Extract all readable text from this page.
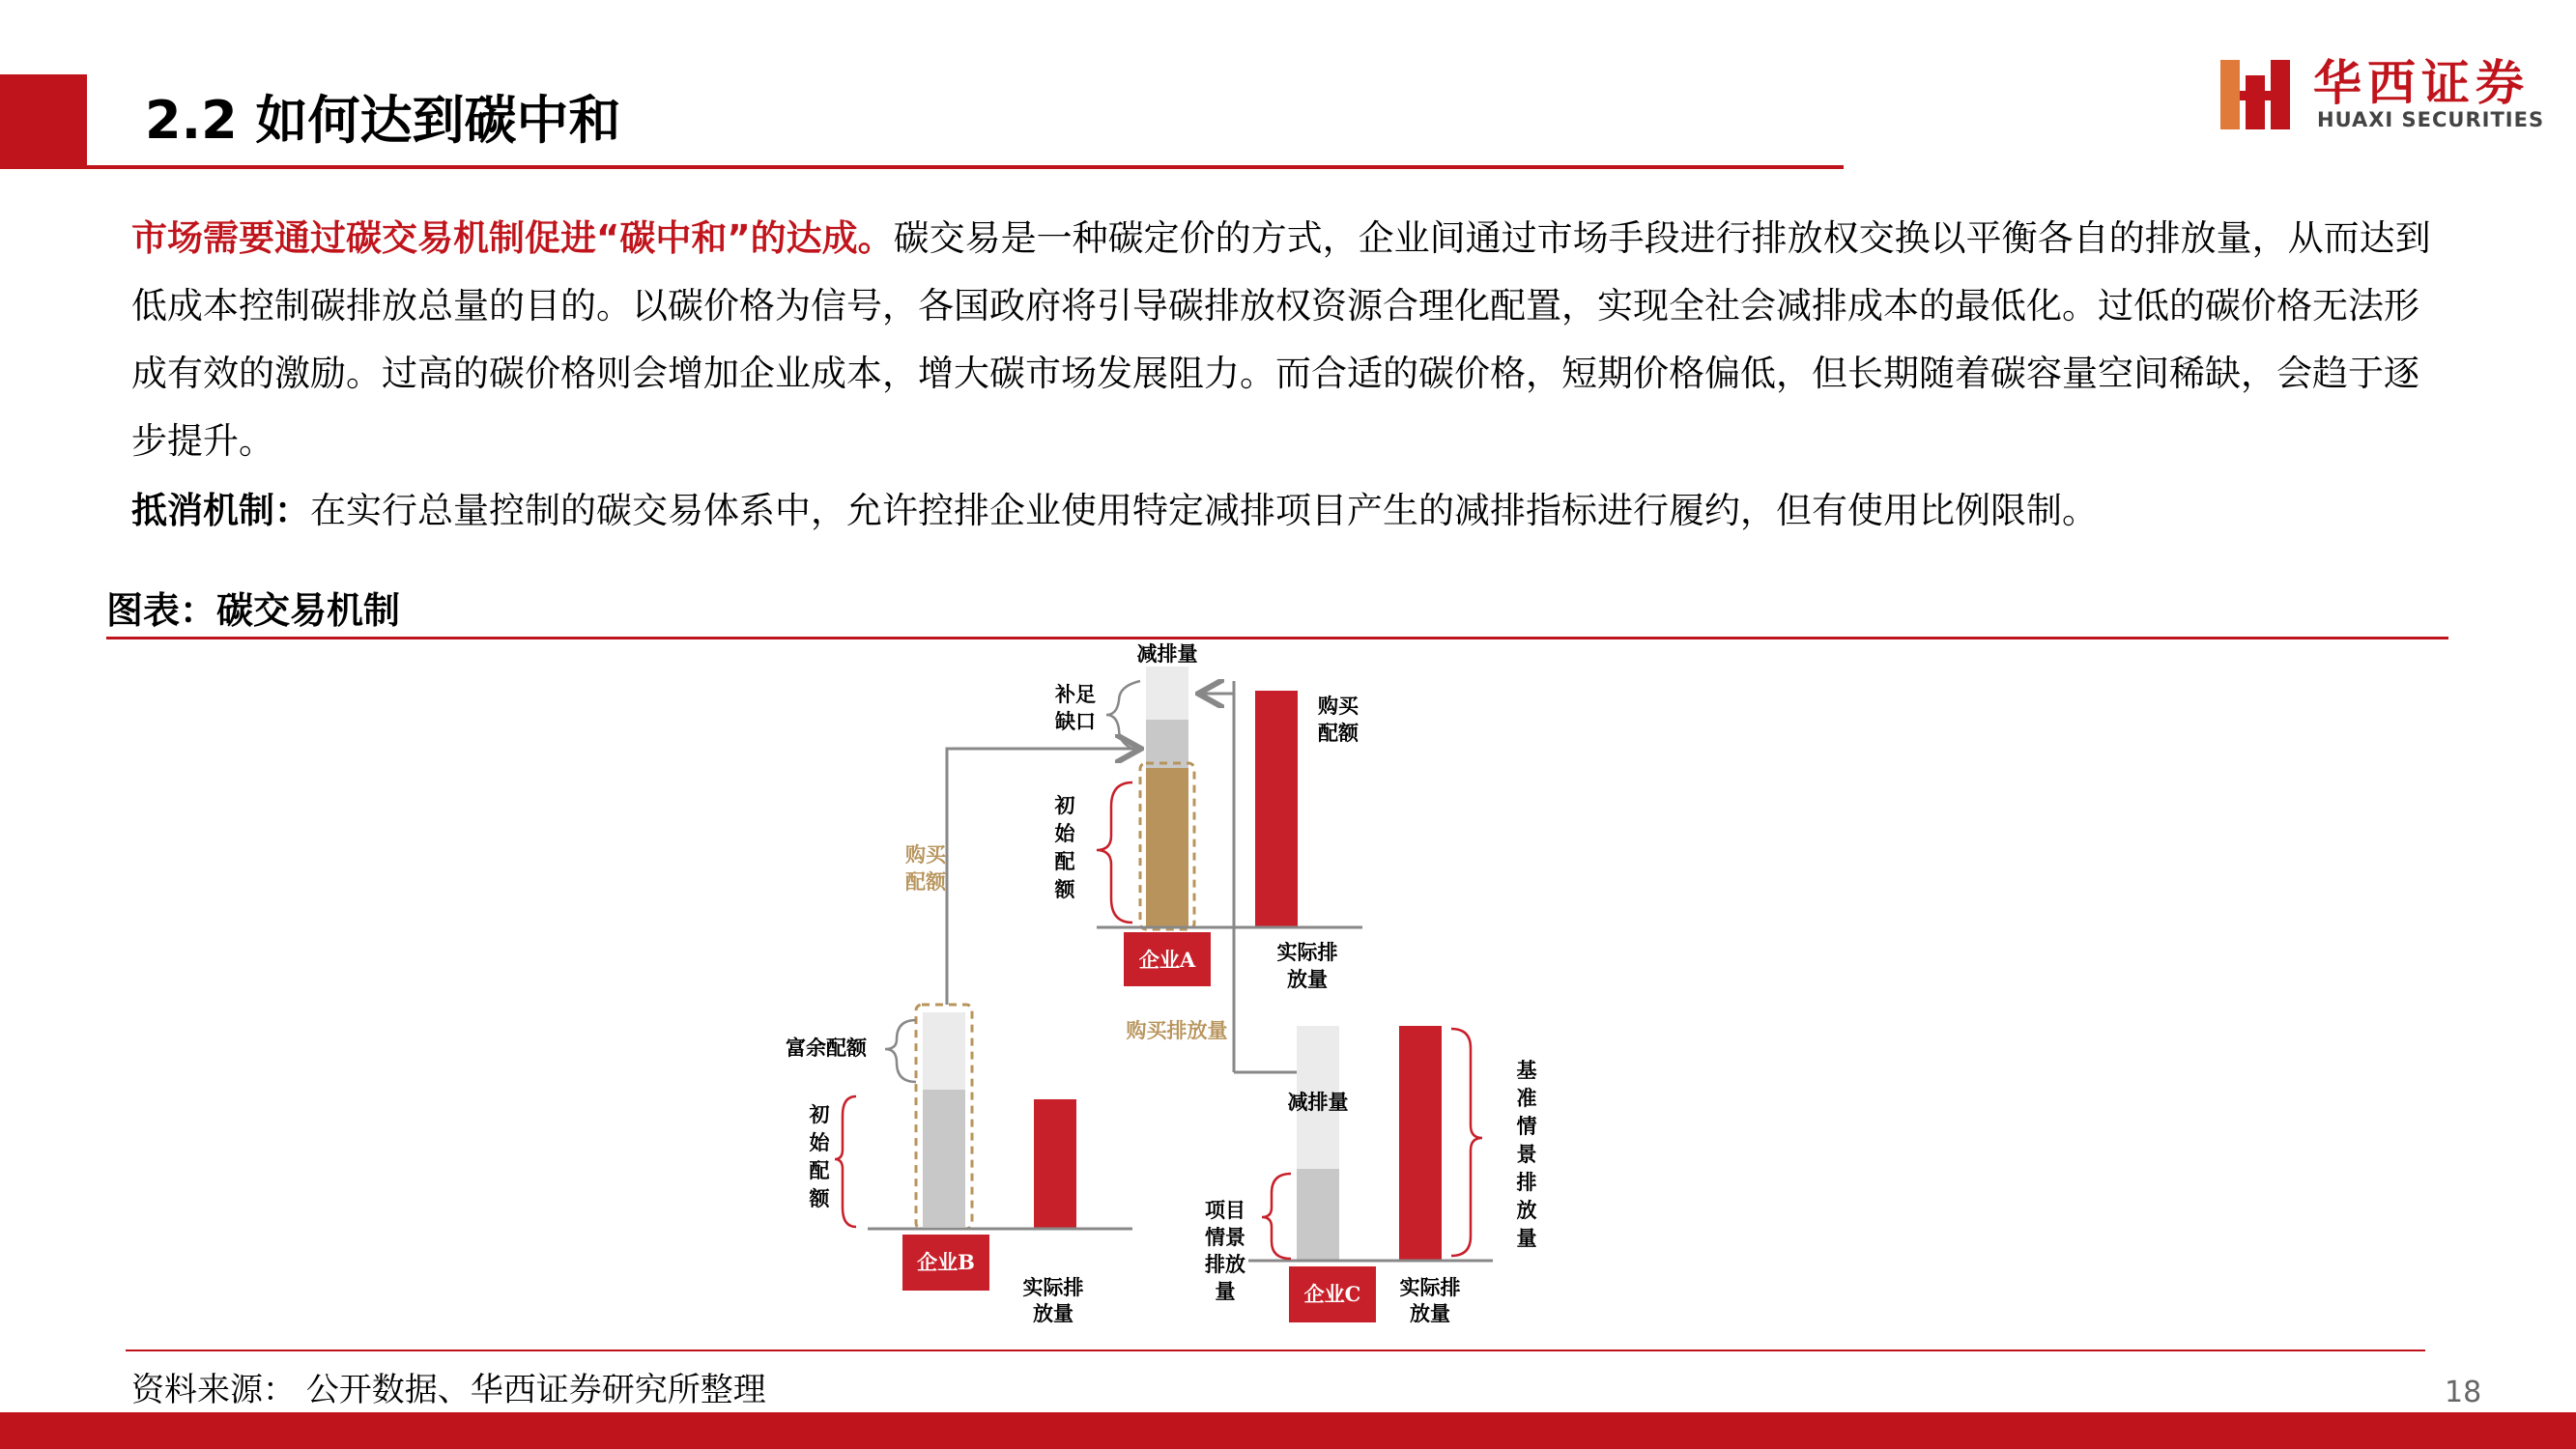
2.2 如何达到碳中和
华西证券
HUAXI SECURITIES
市场需要通过碳交易机制促进“碳中和”的达成。碳交易是一种碳定价的方式，企业间通过市场手段进行排放权交换以平衡各自的排放量，从而达到低成本控制碳排放总量的目的。以碳价格为信号，各国政府将引导碳排放权资源合理化配置，实现全社会减排成本的最低化。过低的碳价格无法形成有效的激励。过高的碳价格则会增加企业成本，增大碳市场发展阻力。而合适的碳价格，短期价格偏低，但长期随着碳容量空间稀缺，会趋于逐步提升。
抵消机制：在实行总量控制的碳交易体系中，允许控排企业使用特定减排项目产生的减排指标进行履约，但有使用比例限制。
图表：碳交易机制
企业A
减排量
购买
配额
补足
缺口
初
始
配
额
实际排
放量
购买
配额
购买排放量
企业B
富余配额
初
始
配
额
实际排
放量
企业C
减排量
项目
情景
排放
量
基
准
情
景
排
放
量
实际排
放量
资料来源： 公开数据、华西证券研究所整理	18
